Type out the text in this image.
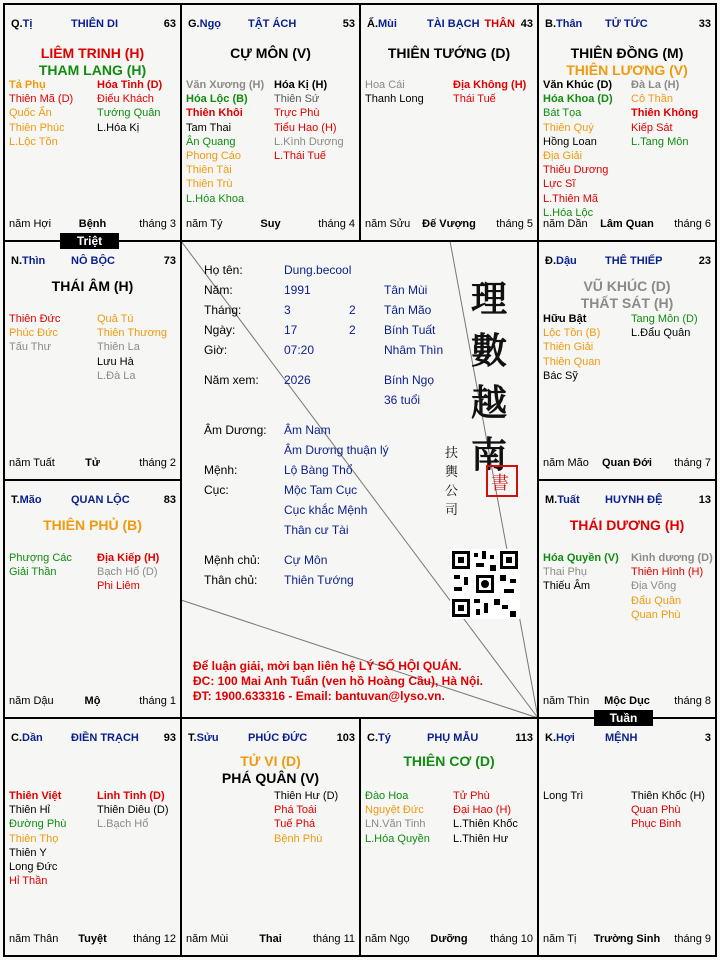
Q.Tị	THIÊN DI	63
LIÊM TRINH (H)
THAM LANG (H)
Tả Phụ
Thiên Mã (D)
Quốc Ấn
Thiên Phúc
L.Lộc Tồn
Hóa Tinh (D)
Điếu Khách
Tướng Quân
L.Hóa Kị
năm Hợi	Bệnh	tháng 3
G.Ngọ TẬT ÁCH	53
CỰ MÔN (V)
Văn Xương (H)
Hóa Lộc (B)
Thiên Khôi
Tam Thai
Ân Quang
Phong Cáo
Thiên Tài
Thiên Trù
L.Hóa Khoa
Hóa Kị (H)
Thiên Sứ
Trực Phù
Tiểu Hao (H)
L.Kình Dương
L.Thái Tuế
năm Tý	Suy	tháng 4
Ấ.Mùi	TÀI BẠCH THÂN 43
THIÊN TƯỚNG (D)
Hoa Cái
Thanh Long
Địa Không (H)
Thái Tuế
năm Sửu	Đế Vượng	tháng 5
B.Thân TỬ TỨC	33
THIÊN ĐỒNG (M)
THIÊN LƯƠNG (V)
Văn Khúc (D)
Hóa Khoa (D)
Bát Tọa
Thiên Quý
Hồng Loan
Địa Giải
Thiếu Dương
Lực Sĩ
L.Thiên Mã
L.Hóa Lộc
Đà La (H)
Cô Thần
Thiên Không
Kiếp Sát
L.Tang Môn
năm Dần	Lâm Quan	tháng 6
N.Thìn NÔ BỘC	73
THÁI ÂM (H)
Thiên Đức
Phúc Đức
Tấu Thư
Quả Tú
Thiên Thương
Thiên La
Lưu Hà
L.Đà La
năm Tuất	Tử	tháng 2
Đ.Dậu	THÊ THIẾP	23
VŨ KHÚC (D)
THẤT SÁT (H)
Hữu Bật
Lộc Tồn (B)
Thiên Giải
Thiên Quan
Bác Sỹ
Tang Môn (D)
L.Đẩu Quân
năm Mão	Quan Đới	tháng 7
T.Mão	QUAN LỘC	83
THIÊN PHỦ (B)
Phượng Các
Giải Thần
Địa Kiếp (H)
Bạch Hổ (D)
Phi Liêm
năm Dậu	Mộ	tháng 1
M.Tuất HUYNH ĐỆ	13
THÁI DƯƠNG (H)
Hóa Quyền (V)
Thai Phụ
Thiếu Âm
Kình dương (D)
Thiên Hình (H)
Địa Võng
Đẩu Quân
Quan Phù
năm Thìn	Mộc Dục	tháng 8
C.Dần	ĐIỀN TRẠCH 93
Thiên Việt
Thiên Hỉ
Đường Phù
Thiên Thọ
Thiên Y
Long Đức
Hỉ Thần
Linh Tinh (D)
Thiên Diêu (D)
L.Bạch Hổ
năm Thân	Tuyệt	tháng 12
T.Sửu	PHÚC ĐỨC	103
TỬ VI (D)
PHÁ QUÂN (V)
Thiên Hư (D)
Phá Toái
Tuế Phá
Bệnh Phù
năm Mùi	Thai	tháng 11
C.Tý	PHỤ MẪU	113
THIÊN CƠ (D)
Đào Hoa
Nguyệt Đức
LN.Văn Tinh
L.Hóa Quyền
Tử Phù
Đại Hao (H)
L.Thiên Khốc
L.Thiên Hư
năm Ngọ	Dưỡng	tháng 10
K.Hợi	MỆNH	3
Long Trì	Thiên Khốc (H)
Quan Phù
Phục Binh
năm Tị	Trường Sinh	tháng 9
Họ tên:	Dung.becool
Năm:	1991	Tân Mùi
Tháng:	3	2 Tân Mão
Ngày:	17	2 Bính Tuất
Giờ:	07:20	Nhâm Thìn
Năm xem: 2026	Bính Ngọ
36 tuổi
Âm Dương: Âm Nam
Âm Dương thuận lý
Mệnh:	Lộ Bàng Thổ
Cục:	Mộc Tam Cục
Cục khắc Mệnh
Thân cư Tài
Mệnh chủ: Cự Môn
Thân chủ: Thiên Tướng
理
數
越
南
扶
輿
公
司
書
Để luận giải, mời bạn liên hệ LÝ SỐ HỘI QUÁN.
ĐC: 100 Mai Anh Tuấn (ven hồ Hoàng Cầu), Hà Nội.
ĐT: 1900.633316 - Email: bantuvan@lyso.vn.
Triệt
Tuần
